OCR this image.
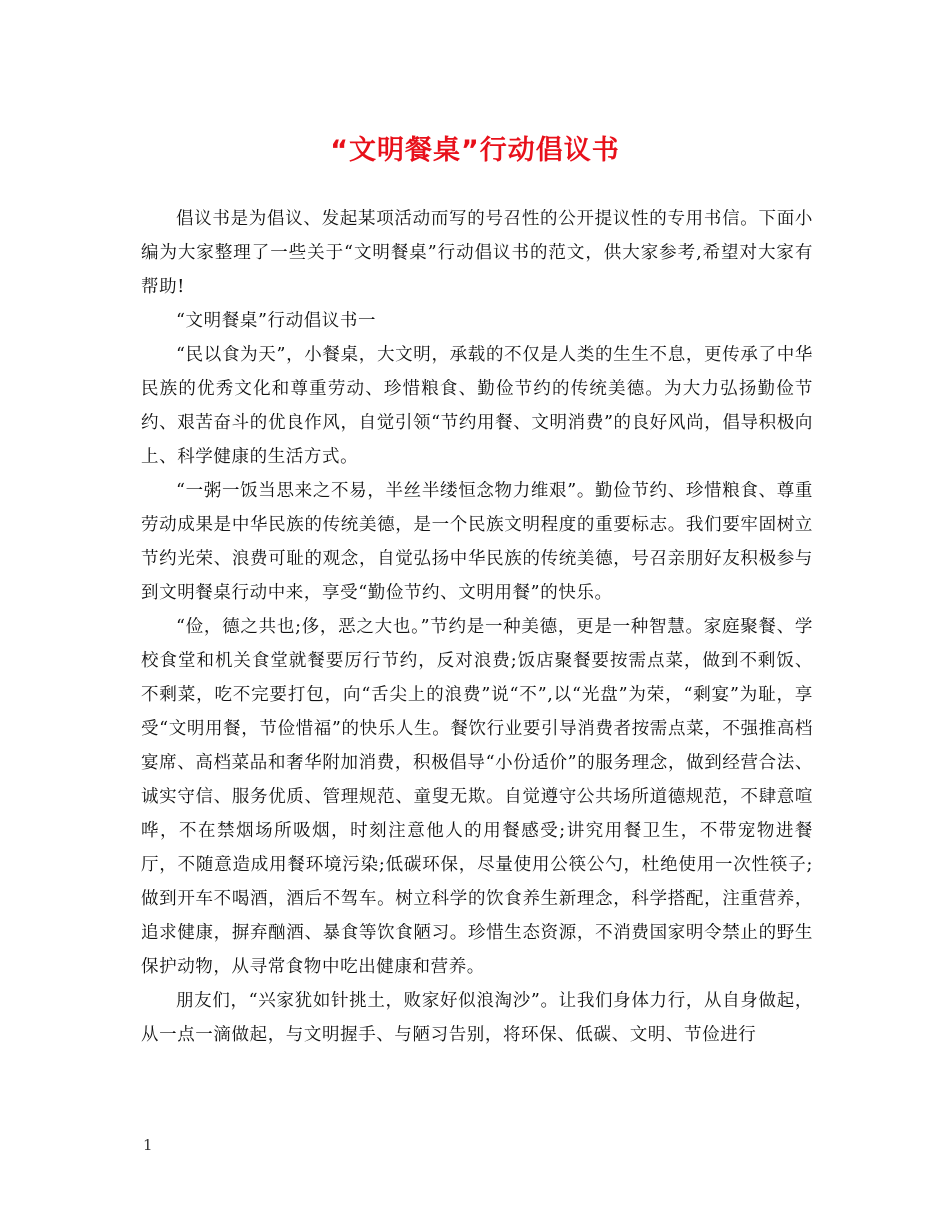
“文明餐桌”行动倡议书

倡议书是为倡议、发起某项活动而写的号召性的公开提议性的专用书信。下面小编为大家整理了一些关于“文明餐桌”行动倡议书的范文，供大家参考,希望对大家有帮助!

“文明餐桌”行动倡议书一

“民以食为天”，小餐桌，大文明，承载的不仅是人类的生生不息，更传承了中华民族的优秀文化和尊重劳动、珍惜粮食、勤俭节约的传统美德。为大力弘扬勤俭节约、艰苦奋斗的优良作风，自觉引领“节约用餐、文明消费”的良好风尚，倡导积极向上、科学健康的生活方式。

“一粥一饭当思来之不易，半丝半缕恒念物力维艰”。勤俭节约、珍惜粮食、尊重劳动成果是中华民族的传统美德，是一个民族文明程度的重要标志。我们要牢固树立节约光荣、浪费可耻的观念，自觉弘扬中华民族的传统美德，号召亲朋好友积极参与到文明餐桌行动中来，享受“勤俭节约、文明用餐”的快乐。

“俭，德之共也;侈，恶之大也。”节约是一种美德，更是一种智慧。家庭聚餐、学校食堂和机关食堂就餐要厉行节约，反对浪费;饭店聚餐要按需点菜，做到不剩饭、不剩菜，吃不完要打包，向“舌尖上的浪费”说“不”,以“光盘”为荣，“剩宴”为耻，享受“文明用餐，节俭惜福”的快乐人生。餐饮行业要引导消费者按需点菜，不强推高档宴席、高档菜品和奢华附加消费，积极倡导“小份适价”的服务理念，做到经营合法、诚实守信、服务优质、管理规范、童叟无欺。自觉遵守公共场所道德规范，不肆意喧哗，不在禁烟场所吸烟，时刻注意他人的用餐感受;讲究用餐卫生，不带宠物进餐厅，不随意造成用餐环境污染;低碳环保，尽量使用公筷公勺，杜绝使用一次性筷子;做到开车不喝酒，酒后不驾车。树立科学的饮食养生新理念，科学搭配，注重营养，追求健康，摒弃酗酒、暴食等饮食陋习。珍惜生态资源，不消费国家明令禁止的野生保护动物，从寻常食物中吃出健康和营养。

朋友们，“兴家犹如针挑土，败家好似浪淘沙”。让我们身体力行，从自身做起，从一点一滴做起，与文明握手、与陋习告别，将环保、低碳、文明、节俭进行

1
